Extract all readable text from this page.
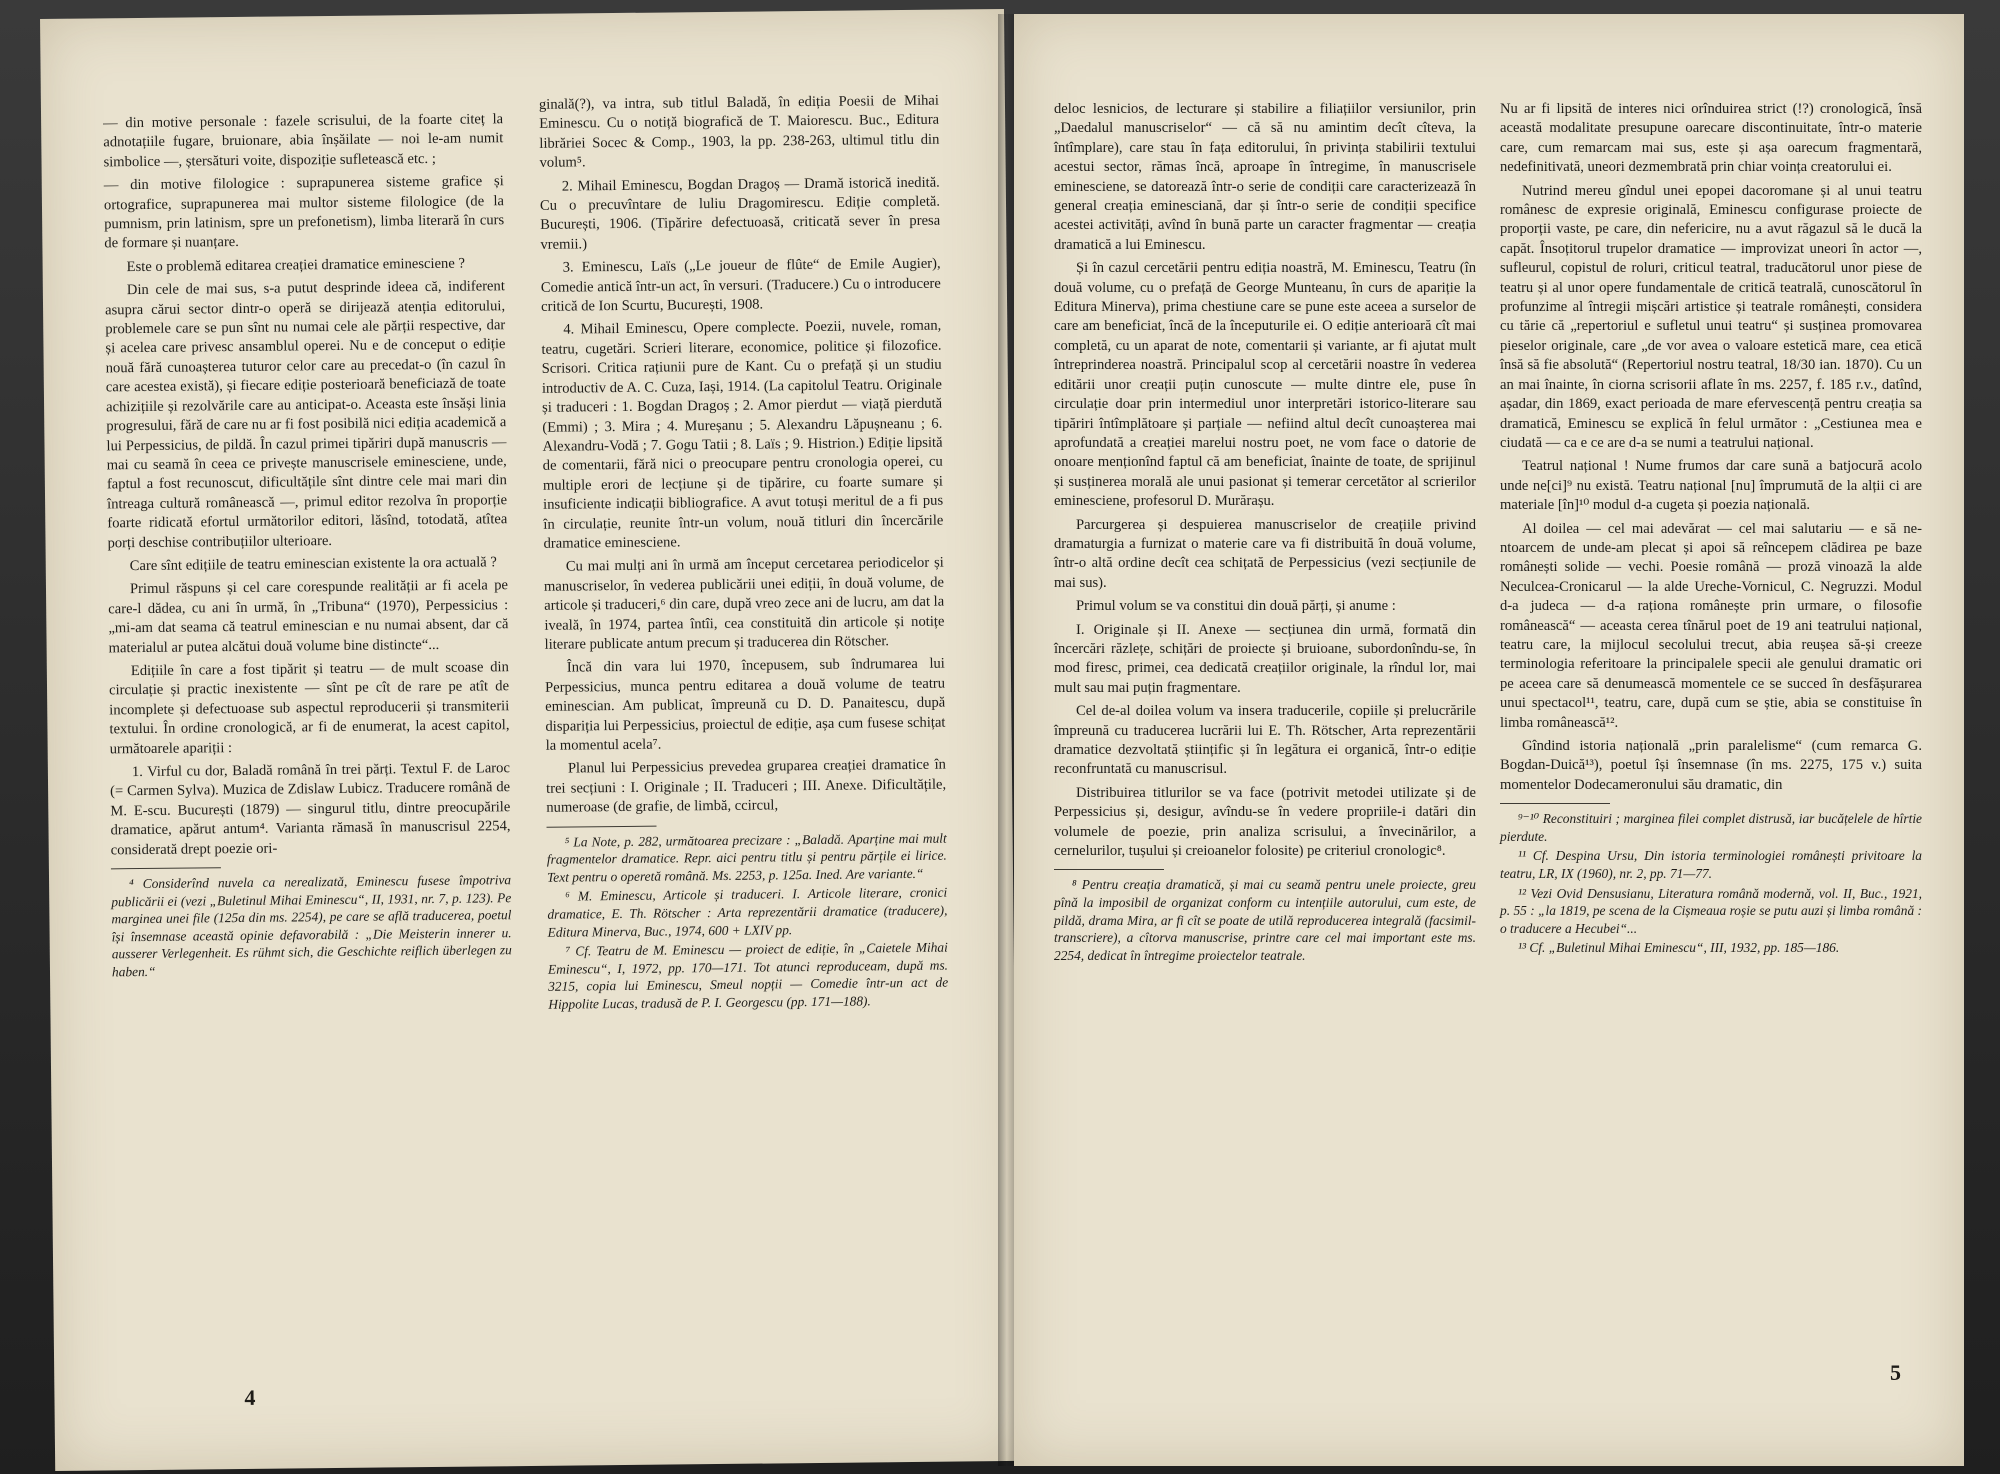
— din motive personale : fazele scrisului, de la foarte citeț la adnotațiile fugare, bruionare, abia înșăilate — noi le-am numit simbolice —, ștersături voite, dispoziție sufletească etc. ;

— din motive filologice : suprapunerea sisteme grafice și ortografice, suprapunerea mai multor sisteme filologice (de la pumnism, prin latinism, spre un prefonetism), limba literară în curs de formare și nuanțare.

Este o problemă editarea creației dramatice eminesciene ?

Din cele de mai sus, s-a putut desprinde ideea că, indiferent asupra cărui sector dintr-o operă se dirijează atenția editorului, problemele care se pun sînt nu numai cele ale părții respective, dar și acelea care privesc ansamblul operei. Nu e de conceput o ediție nouă fără cunoașterea tuturor celor care au precedat-o (în cazul în care acestea există), și fiecare ediție posterioară beneficiază de toate achizițiile și rezolvările care au anticipat-o. Aceasta este însăși linia progresului, fără de care nu ar fi fost posibilă nici ediția academică a lui Perpessicius, de pildă. În cazul primei tipăriri după manuscris — mai cu seamă în ceea ce privește manuscrisele eminesciene, unde, faptul a fost recunoscut, dificultățile sînt dintre cele mai mari din întreaga cultură românească —, primul editor rezolva în proporție foarte ridicată efortul următorilor editori, lăsînd, totodată, atîtea porți deschise contribuțiilor ulterioare.

Care sînt edițiile de teatru eminescian existente la ora actuală ?

Primul răspuns și cel care corespunde realității ar fi acela pe care-l dădea, cu ani în urmă, în „Tribuna“ (1970), Perpessicius : „mi-am dat seama că teatrul eminescian e nu numai absent, dar că materialul ar putea alcătui două volume bine distincte“...

Edițiile în care a fost tipărit și teatru — de mult scoase din circulație și practic inexistente — sînt pe cît de rare pe atît de incomplete și defectuoase sub aspectul reproducerii și transmiterii textului. În ordine cronologică, ar fi de enumerat, la acest capitol, următoarele apariții :

1. Virful cu dor, Baladă română în trei părți. Textul F. de Laroc (= Carmen Sylva). Muzica de Zdislaw Lubicz. Traducere română de M. E-scu. București (1879) — singurul titlu, dintre preocupările dramatice, apărut antum⁴. Varianta rămasă în manuscrisul 2254, considerată drept poezie ori-

⁴ Considerînd nuvela ca nerealizată, Eminescu fusese împotriva publicării ei (vezi „Buletinul Mihai Eminescu“, II, 1931, nr. 7, p. 123). Pe marginea unei file (125a din ms. 2254), pe care se află traducerea, poetul își însemnase această opinie defavorabilă : „Die Meisterin innerer u. ausserer Verlegenheit. Es rühmt sich, die Geschichte reiflich überlegen zu haben.“

ginală(?), va intra, sub titlul Baladă, în ediția Poesii de Mihai Eminescu. Cu o notiță biografică de T. Maiorescu. Buc., Editura librăriei Socec & Comp., 1903, la pp. 238-263, ultimul titlu din volum⁵.

2. Mihail Eminescu, Bogdan Dragoș — Dramă istorică inedită. Cu o precuvîntare de luliu Dragomirescu. Ediție completă. București, 1906. (Tipărire defectuoasă, criticată sever în presa vremii.)

3. Eminescu, Laïs („Le joueur de flûte“ de Emile Augier), Comedie antică într-un act, în versuri. (Traducere.) Cu o introducere critică de Ion Scurtu, București, 1908.

4. Mihail Eminescu, Opere complecte. Poezii, nuvele, roman, teatru, cugetări. Scrieri literare, economice, politice și filozofice. Scrisori. Critica rațiunii pure de Kant. Cu o prefață și un studiu introductiv de A. C. Cuza, Iași, 1914. (La capitolul Teatru. Originale și traduceri : 1. Bogdan Dragoș ; 2. Amor pierdut — viață pierdută (Emmi) ; 3. Mira ; 4. Mureșanu ; 5. Alexandru Lăpușneanu ; 6. Alexandru-Vodă ; 7. Gogu Tatii ; 8. Laïs ; 9. Histrion.) Ediție lipsită de comentarii, fără nici o preocupare pentru cronologia operei, cu multiple erori de lecțiune și de tipărire, cu foarte sumare și insuficiente indicații bibliografice. A avut totuși meritul de a fi pus în circulație, reunite într-un volum, nouă titluri din încercările dramatice eminesciene.

Cu mai mulți ani în urmă am început cercetarea periodicelor și manuscriselor, în vederea publicării unei ediții, în două volume, de articole și traduceri,⁶ din care, după vreo zece ani de lucru, am dat la iveală, în 1974, partea întîi, cea constituită din articole și notițe literare publicate antum precum și traducerea din Rötscher.

Încă din vara lui 1970, începusem, sub îndrumarea lui Perpessicius, munca pentru editarea a două volume de teatru eminescian. Am publicat, împreună cu D. D. Panaitescu, după dispariția lui Perpessicius, proiectul de ediție, așa cum fusese schițat la momentul acela⁷.

Planul lui Perpessicius prevedea gruparea creației dramatice în trei secțiuni : I. Originale ; II. Traduceri ; III. Anexe. Dificultățile, numeroase (de grafie, de limbă, ccircul,

⁵ La Note, p. 282, următoarea precizare : „Baladă. Aparține mai mult fragmentelor dramatice. Repr. aici pentru titlu și pentru părțile ei lirice. Text pentru o operetă română. Ms. 2253, p. 125a. Ined. Are variante.“

⁶ M. Eminescu, Articole și traduceri. I. Articole literare, cronici dramatice, E. Th. Rötscher : Arta reprezentării dramatice (traducere), Editura Minerva, Buc., 1974, 600 + LXIV pp.

⁷ Cf. Teatru de M. Eminescu — proiect de ediție, în „Caietele Mihai Eminescu“, I, 1972, pp. 170—171. Tot atunci reproduceam, după ms. 3215, copia lui Eminescu, Smeul nopții — Comedie într-un act de Hippolite Lucas, tradusă de P. I. Georgescu (pp. 171—188).

4

deloc lesnicios, de lecturare și stabilire a filiațiilor versiunilor, prin „Daedalul manuscriselor“ — că să nu amintim decît cîteva, la întîmplare), care stau în fața editorului, în privința stabilirii textului acestui sector, rămas încă, aproape în întregime, în manuscrisele eminesciene, se datorează într-o serie de condiții care caracterizează în general creația eminesciană, dar și într-o serie de condiții specifice acestei activități, avînd în bună parte un caracter fragmentar — creația dramatică a lui Eminescu.

Și în cazul cercetării pentru ediția noastră, M. Eminescu, Teatru (în două volume, cu o prefață de George Munteanu, în curs de apariție la Editura Minerva), prima chestiune care se pune este aceea a surselor de care am beneficiat, încă de la începuturile ei. O ediție anterioară cît mai completă, cu un aparat de note, comentarii și variante, ar fi ajutat mult întreprinderea noastră. Principalul scop al cercetării noastre în vederea editării unor creații puțin cunoscute — multe dintre ele, puse în circulație doar prin intermediul unor interpretări istorico-literare sau tipăriri întîmplătoare și parțiale — nefiind altul decît cunoașterea mai aprofundată a creației marelui nostru poet, ne vom face o datorie de onoare menționînd faptul că am beneficiat, înainte de toate, de sprijinul și susținerea morală ale unui pasionat și temerar cercetător al scrierilor eminesciene, profesorul D. Murărașu.

Parcurgerea și despuierea manuscriselor de creațiile privind dramaturgia a furnizat o materie care va fi distribuită în două volume, într-o altă ordine decît cea schițată de Perpessicius (vezi secțiunile de mai sus).

Primul volum se va constitui din două părți, și anume :

I. Originale și II. Anexe — secțiunea din urmă, formată din încercări răzlețe, schițări de proiecte și bruioane, subordonîndu-se, în mod firesc, primei, cea dedicată creațiilor originale, la rîndul lor, mai mult sau mai puțin fragmentare.

Cel de-al doilea volum va insera traducerile, copiile și prelucrările împreună cu traducerea lucrării lui E. Th. Rötscher, Arta reprezentării dramatice dezvoltată științific și în legătura ei organică, într-o ediție reconfruntată cu manuscrisul.

Distribuirea titlurilor se va face (potrivit metodei utilizate și de Perpessicius și, desigur, avîndu-se în vedere propriile-i datări din volumele de poezie, prin analiza scrisului, a învecinărilor, a cernelurilor, tușului și creioanelor folosite) pe criteriul cronologic⁸.

⁸ Pentru creația dramatică, și mai cu seamă pentru unele proiecte, greu pînă la imposibil de organizat conform cu intențiile autorului, cum este, de pildă, drama Mira, ar fi cît se poate de utilă reproducerea integrală (facsimil-transcriere), a cîtorva manuscrise, printre care cel mai important este ms. 2254, dedicat în întregime proiectelor teatrale.

Nu ar fi lipsită de interes nici orînduirea strict (!?) cronologică, însă această modalitate presupune oarecare discontinuitate, într-o materie care, cum remarcam mai sus, este și așa oarecum fragmentară, nedefinitivată, uneori dezmembrată prin chiar voința creatorului ei.

Nutrind mereu gîndul unei epopei dacoromane și al unui teatru românesc de expresie originală, Eminescu configurase proiecte de proporții vaste, pe care, din nefericire, nu a avut răgazul să le ducă la capăt. Însoțitorul trupelor dramatice — improvizat uneori în actor —, sufleurul, copistul de roluri, criticul teatral, traducătorul unor piese de teatru și al unor opere fundamentale de critică teatrală, cunoscătorul în profunzime al întregii mișcări artistice și teatrale românești, considera cu tărie că „repertoriul e sufletul unui teatru“ și susținea promovarea pieselor originale, care „de vor avea o valoare estetică mare, cea etică însă să fie absolută“ (Repertoriul nostru teatral, 18/30 ian. 1870). Cu un an mai înainte, în ciorna scrisorii aflate în ms. 2257, f. 185 r.v., datînd, așadar, din 1869, exact perioada de mare efervescență pentru creația sa dramatică, Eminescu se explică în felul următor : „Cestiunea mea e ciudată — ca e ce are d-a se numi a teatrului național.

Teatrul național ! Nume frumos dar care sună a batjocură acolo unde ne[ci]⁹ nu există. Teatru național [nu] împrumută de la alții ci are materiale [în]¹⁰ modul d-a cugeta și poezia națională.

Al doilea — cel mai adevărat — cel mai salutariu — e să ne-ntoarcem de unde-am plecat și apoi să reîncepem clădirea pe baze românești solide — vechi. Poesie română — proză vinoază la alde Neculcea-Cronicarul — la alde Ureche-Vornicul, C. Negruzzi. Modul d-a judeca — d-a raționa românește prin urmare, o filosofie românească“ — aceasta cerea tînărul poet de 19 ani teatrului național, teatru care, la mijlocul secolului trecut, abia reușea să-și creeze terminologia referitoare la principalele specii ale genului dramatic ori pe aceea care să denumească momentele ce se succed în desfășurarea unui spectacol¹¹, teatru, care, după cum se știe, abia se constituise în limba românească¹².

Gîndind istoria națională „prin paralelisme“ (cum remarca G. Bogdan-Duică¹³), poetul își însemnase (în ms. 2275, 175 v.) suita momentelor Dodecameronului său dramatic, din

⁹⁻¹⁰ Reconstituiri ; marginea filei complet distrusă, iar bucățelele de hîrtie pierdute.

¹¹ Cf. Despina Ursu, Din istoria terminologiei românești privitoare la teatru, LR, IX (1960), nr. 2, pp. 71—77.

¹² Vezi Ovid Densusianu, Literatura română modernă, vol. II, Buc., 1921, p. 55 : „la 1819, pe scena de la Cișmeaua roșie se putu auzi și limba română : o traducere a Hecubei“...

¹³ Cf. „Buletinul Mihai Eminescu“, III, 1932, pp. 185—186.

5
